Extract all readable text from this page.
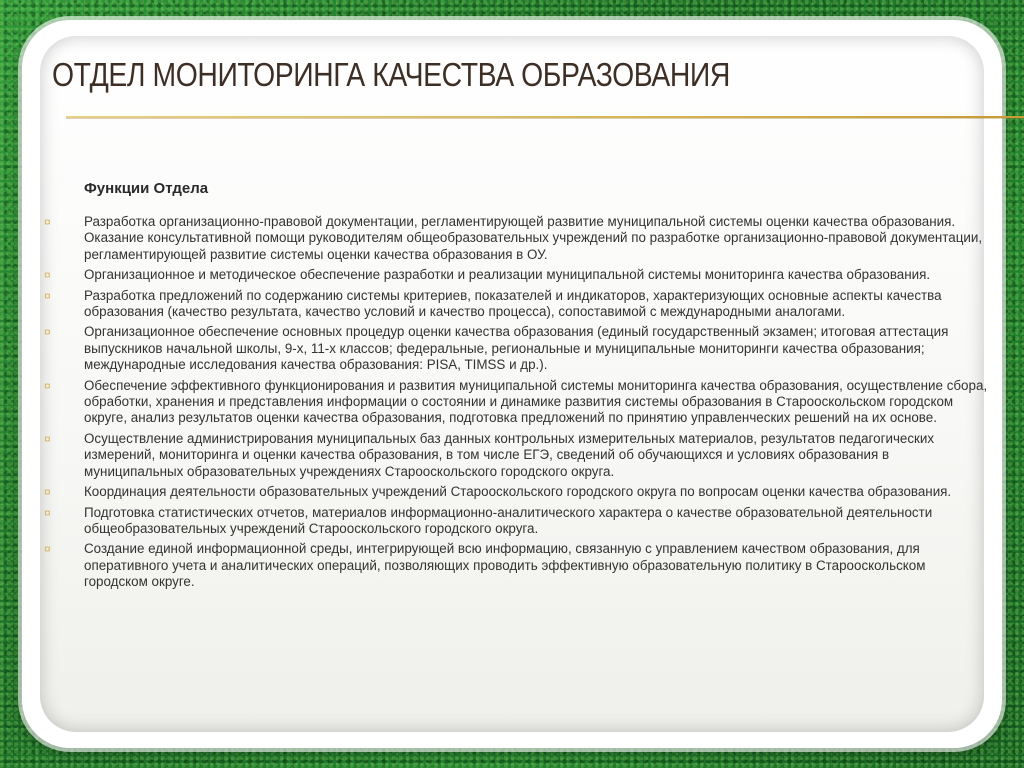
ОТДЕЛ МОНИТОРИНГА КАЧЕСТВА ОБРАЗОВАНИЯ
Функции Отдела
¤	Разработка организационно-правовой документации, регламентирующей развитие муниципальной системы оценки качества образования. Оказание консультативной помощи руководителям общеобразовательных учреждений по разработке организационно-правовой документации, регламентирующей развитие системы оценки качества образования в ОУ.
¤	Организационное и методическое обеспечение разработки и реализации муниципальной системы мониторинга качества образования.
¤	Разработка предложений по содержанию системы критериев, показателей и индикаторов, характеризующих основные аспекты качества образования (качество результата, качество условий и качество процесса), сопоставимой с международными аналогами.
¤	Организационное обеспечение основных процедур оценки качества образования (единый государственный экзамен; итоговая аттестация выпускников начальной школы, 9-х, 11-х классов; федеральные, региональные и муниципальные мониторинги качества образования; международные исследования качества образования: PISA, TIMSS и др.).
¤	Обеспечение эффективного функционирования и развития муниципальной системы мониторинга качества образования, осуществление сбора, обработки, хранения и представления информации о состоянии и динамике развития системы образования в Старооскольском городском округе, анализ результатов оценки качества образования, подготовка предложений по принятию управленческих решений на их основе.
¤	Осуществление администрирования муниципальных баз данных контрольных измерительных материалов, результатов педагогических измерений, мониторинга и оценки качества образования, в том числе ЕГЭ, сведений об обучающихся и условиях образования в муниципальных образовательных учреждениях Старооскольского городского округа.
¤	Координация деятельности образовательных учреждений Старооскольского городского округа по вопросам оценки качества образования.
¤	Подготовка статистических отчетов, материалов информационно-аналитического характера о качестве образовательной деятельности общеобразовательных учреждений Старооскольского городского округа.
¤	Создание единой информационной среды, интегрирующей всю информацию, связанную с управлением качеством образования, для оперативного учета и аналитических операций, позволяющих проводить эффективную образовательную политику в Старооскольском городском округе.
